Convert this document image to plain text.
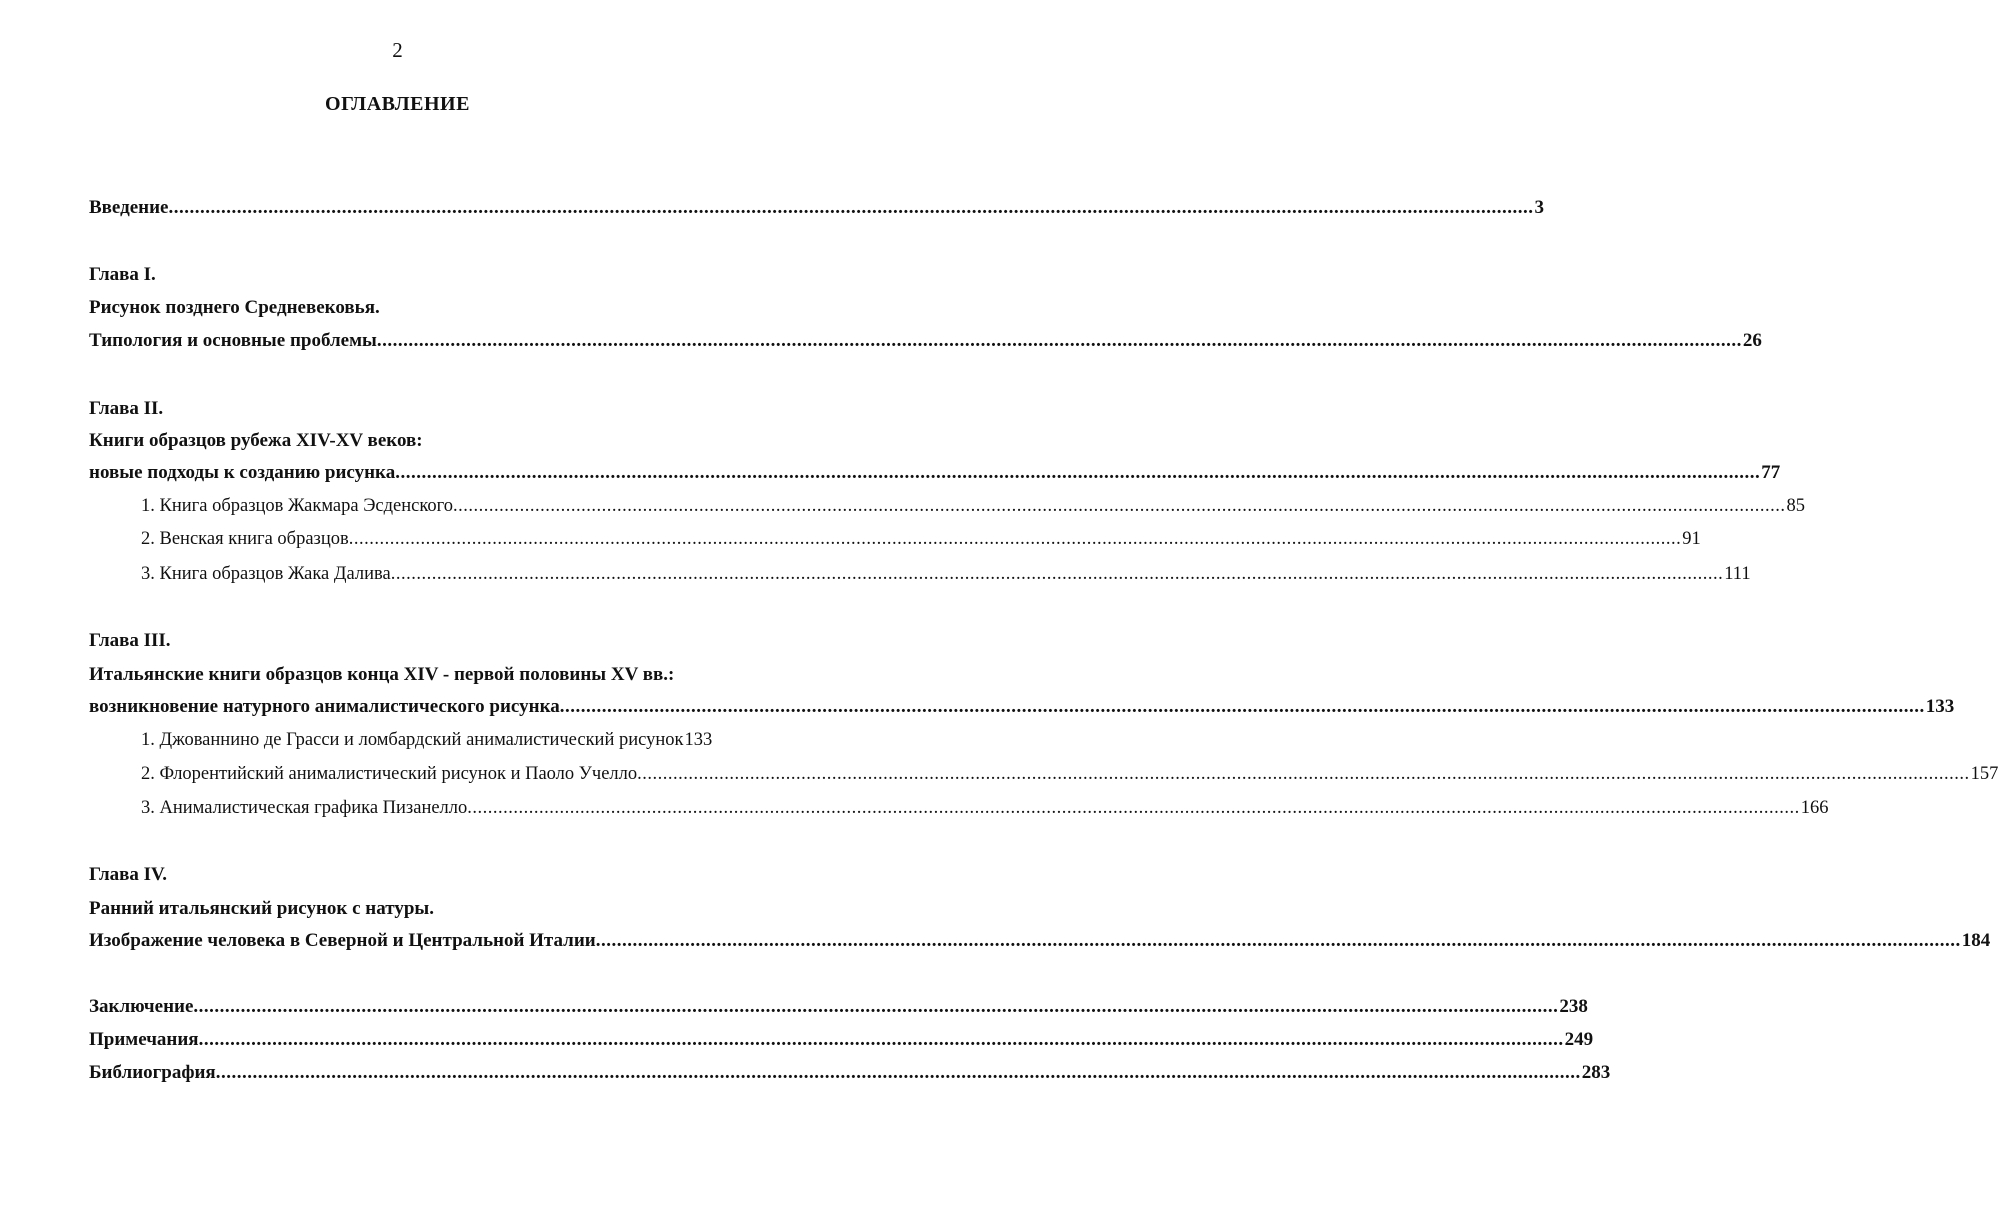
2
ОГЛАВЛЕНИЕ
Введение .................................................................................................................................................................................................................................................................... 3
Глава I.
Рисунок позднего Средневековья.
Типология и основные проблемы .................................................................................................................................................................................................................................................................... 26
Глава II.
Книги образцов рубежа XIV-XV веков:
новые подходы к созданию рисунка .................................................................................................................................................................................................................................................................... 77
1. Книга образцов Жакмара Эсденского .................................................................................................................................................................................................................................................................... 85
2. Венская книга образцов .................................................................................................................................................................................................................................................................... 91
3. Книга образцов Жака Далива .................................................................................................................................................................................................................................................................... 111
Глава III.
Итальянские книги образцов конца XIV - первой половины XV вв.:
возникновение натурного анималистического рисунка .................................................................................................................................................................................................................................................................... 133
1. Джованнино де Грасси и ломбардский анималистический рисунок 133
2. Флорентийский анималистический рисунок и Паоло Учелло .................................................................................................................................................................................................................................................................... 157
3. Анималистическая графика Пизанелло .................................................................................................................................................................................................................................................................... 166
Глава IV.
Ранний итальянский рисунок с натуры.
Изображение человека в Северной и Центральной Италии .................................................................................................................................................................................................................................................................... 184
Заключение .................................................................................................................................................................................................................................................................... 238
Примечания .................................................................................................................................................................................................................................................................... 249
Библиография .................................................................................................................................................................................................................................................................... 283
